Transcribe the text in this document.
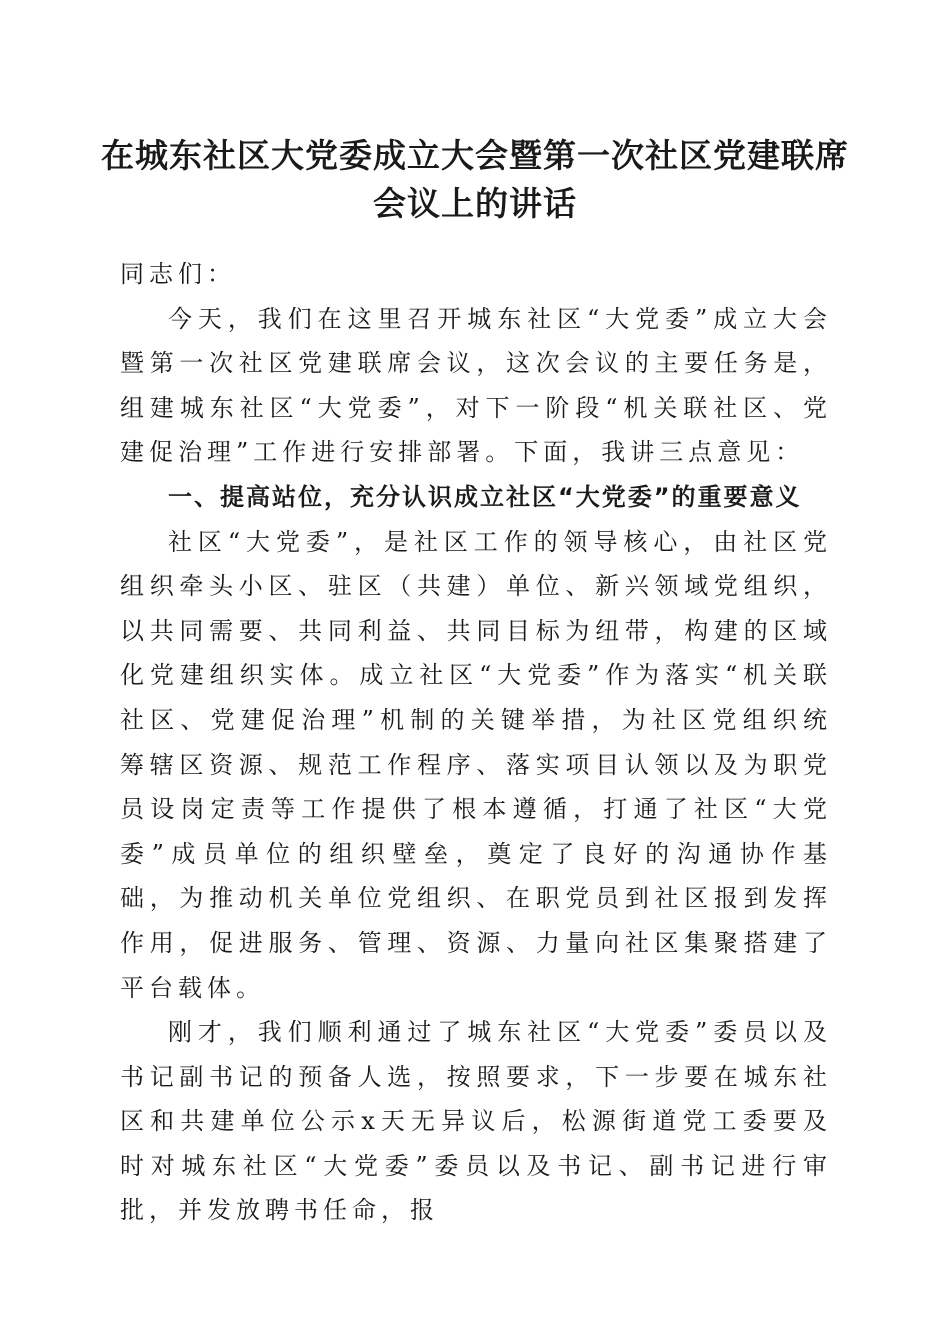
在城东社区大党委成立大会暨第一次社区党建联席会议上的讲话

同志们：

今天，我们在这里召开城东社区“大党委”成立大会暨第一次社区党建联席会议，这次会议的主要任务是，组建城东社区“大党委”，对下一阶段“机关联社区、党建促治理”工作进行安排部署。下面，我讲三点意见：

一、提高站位，充分认识成立社区“大党委”的重要意义

社区“大党委”，是社区工作的领导核心，由社区党组织牵头小区、驻区（共建）单位、新兴领域党组织，以共同需要、共同利益、共同目标为纽带，构建的区域化党建组织实体。成立社区“大党委”作为落实“机关联社区、党建促治理”机制的关键举措，为社区党组织统筹辖区资源、规范工作程序、落实项目认领以及为职党员设岗定责等工作提供了根本遵循，打通了社区“大党委”成员单位的组织壁垒，奠定了良好的沟通协作基础，为推动机关单位党组织、在职党员到社区报到发挥作用，促进服务、管理、资源、力量向社区集聚搭建了平台载体。

刚才，我们顺利通过了城东社区“大党委”委员以及书记副书记的预备人选，按照要求，下一步要在城东社区和共建单位公示x天无异议后，松源街道党工委要及时对城东社区“大党委”委员以及书记、副书记进行审批，并发放聘书任命，报
